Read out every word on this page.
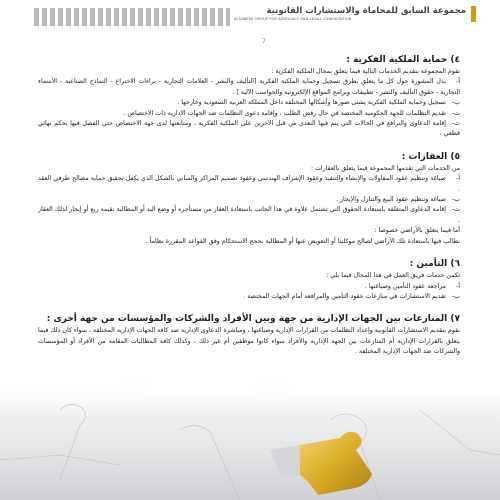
مجموعة السابق للمحاماة والاستشارات القانونية
ALSABEEK GROUP FOR ADVOCACY AND LEGAL CONSULTATION
7
٤) حماية الملكية الفكرية :

تقوم المجموعة بتقديم الخدمات التالية فيما يتعلق بمجال الملكية الفكرية :

أ-بذل المشورة حول كل ما يتعلق بطرق تسجيل وحماية الملكية الفكرية [التأليف والنشر - العلامات التجارية - براءات الاختراع - النماذج الصناعية - الأسماء التجارية - حقوق التأليف والنشر - تطبيقات وبرامج المواقع الإلكترونية والحواسب الآلية ] .

ب-تسجيل وحماية الملكية الفكرية بشتى صورها وأشكالها المختلفة داخل المملكة العربية السعودية وخارجها .

ت-تقديم التظلمات للجهة الحكومية المختصة في حال رفض الطلب ، وإقامة دعوى التظلمات ضد الجهات الإدارية ذات الاختصاص .

ث-إقامة الدعاوى والترافع في الحالات التي يتم فيها التعدي من قبل الآخرين على الملكية الفكرية ، ومتابعتها لدى جهة الاختصاص حتى الفصل فيها بحكم نهائي قطعي .

٥) العقارات :

من الخدمات التي تقدمها المجموعة فيما يتعلق بالعقارات :

أ-صياغة وتنظيم عقود المقاولات والإنشاء والتنفيذ وعقود الإشراف الهندسي وعقود تصميم المراكز والمباني بالشكل الذي يكفل تحقيق حماية مصالح طرفي العقد .

ب-صياغة وتنظيم عقود البيع والتنازل والإيجار .

ت-إقامة الدعاوى المتعلقة باستعادة الحقوق التي تشتمل علاوة في هذا الجانب باستعادة العقار من مستأجره أو وضع اليد أو المطالبة بقيمة ريع أو إيجار لذلك العقار .

أما فيما يتعلق بالأراضي خصوصا :

نطالب فيها باستعادة تلك الأراضي لصالح موكلينا أو التعويض عنها أو المطالبة بحجج الاستحكام وفق القواعد المقررة نظاماً .

٦) التأمين :

تكمن خدمات فريق العمل في هذا المجال فيما يلي :

أ-مراجعة عقود التأمين وصياغتها .

ب-تقديم الاستشارات في منازعات عقود التأمين والمرافعة أمام الجهات المختصة .

٧) المنازعات بين الجهات الإدارية من جهة وبين الأفراد والشركات والمؤسسات من جهة أخرى :

نقوم بتقديم الاستشارات القانونية وإعداد التظلمات من القرارات الإدارية وصياغتها ، ومباشرة الدعاوى الإدارية ضد كافة الجهات الإدارية المختلفة ، سواء كان ذلك فيما يتعلق بالقرارات الإدارية أم المنازعات بين الجهة الإدارية والأفراد سواء كانوا موظفين أم غير ذلك ، وكذلك كافة المطالبات المقامة من الأفراد أو المؤسسات والشركات ضد الجهات الإدارية المختلفة .
